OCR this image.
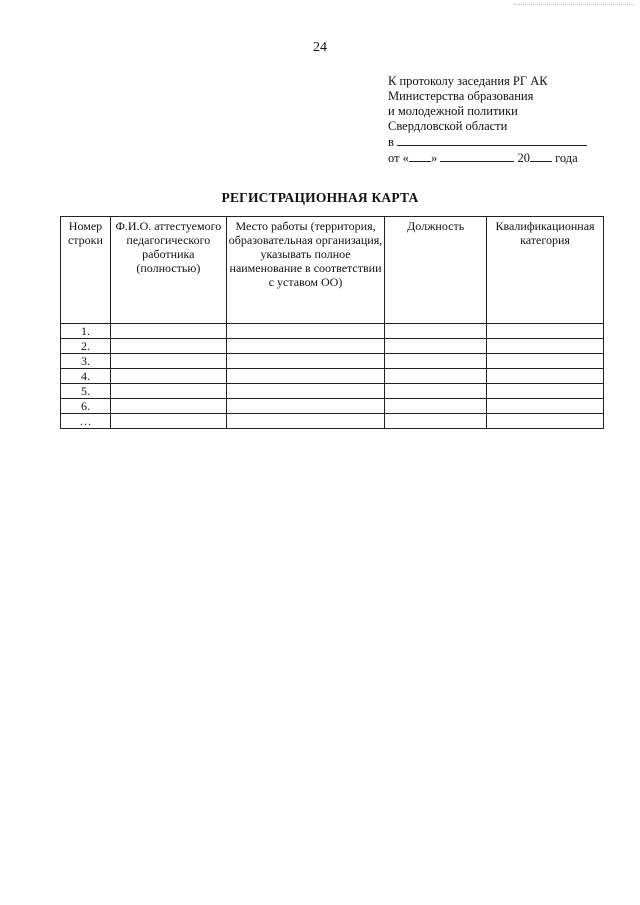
24
К протоколу заседания РГ АК
Министерства образования
и молодежной политики
Свердловской области
в
от « »	20 года
РЕГИСТРАЦИОННАЯ КАРТА
Номер строки	Ф.И.О. аттестуемого педагогического работника (полностью)	Место работы (территория, образовательная организация, указывать полное наименование в соответствии с уставом ОО)	Должность	Квалификационная категория
1.				
2.				
3.				
4.				
5.				
6.				
…				
